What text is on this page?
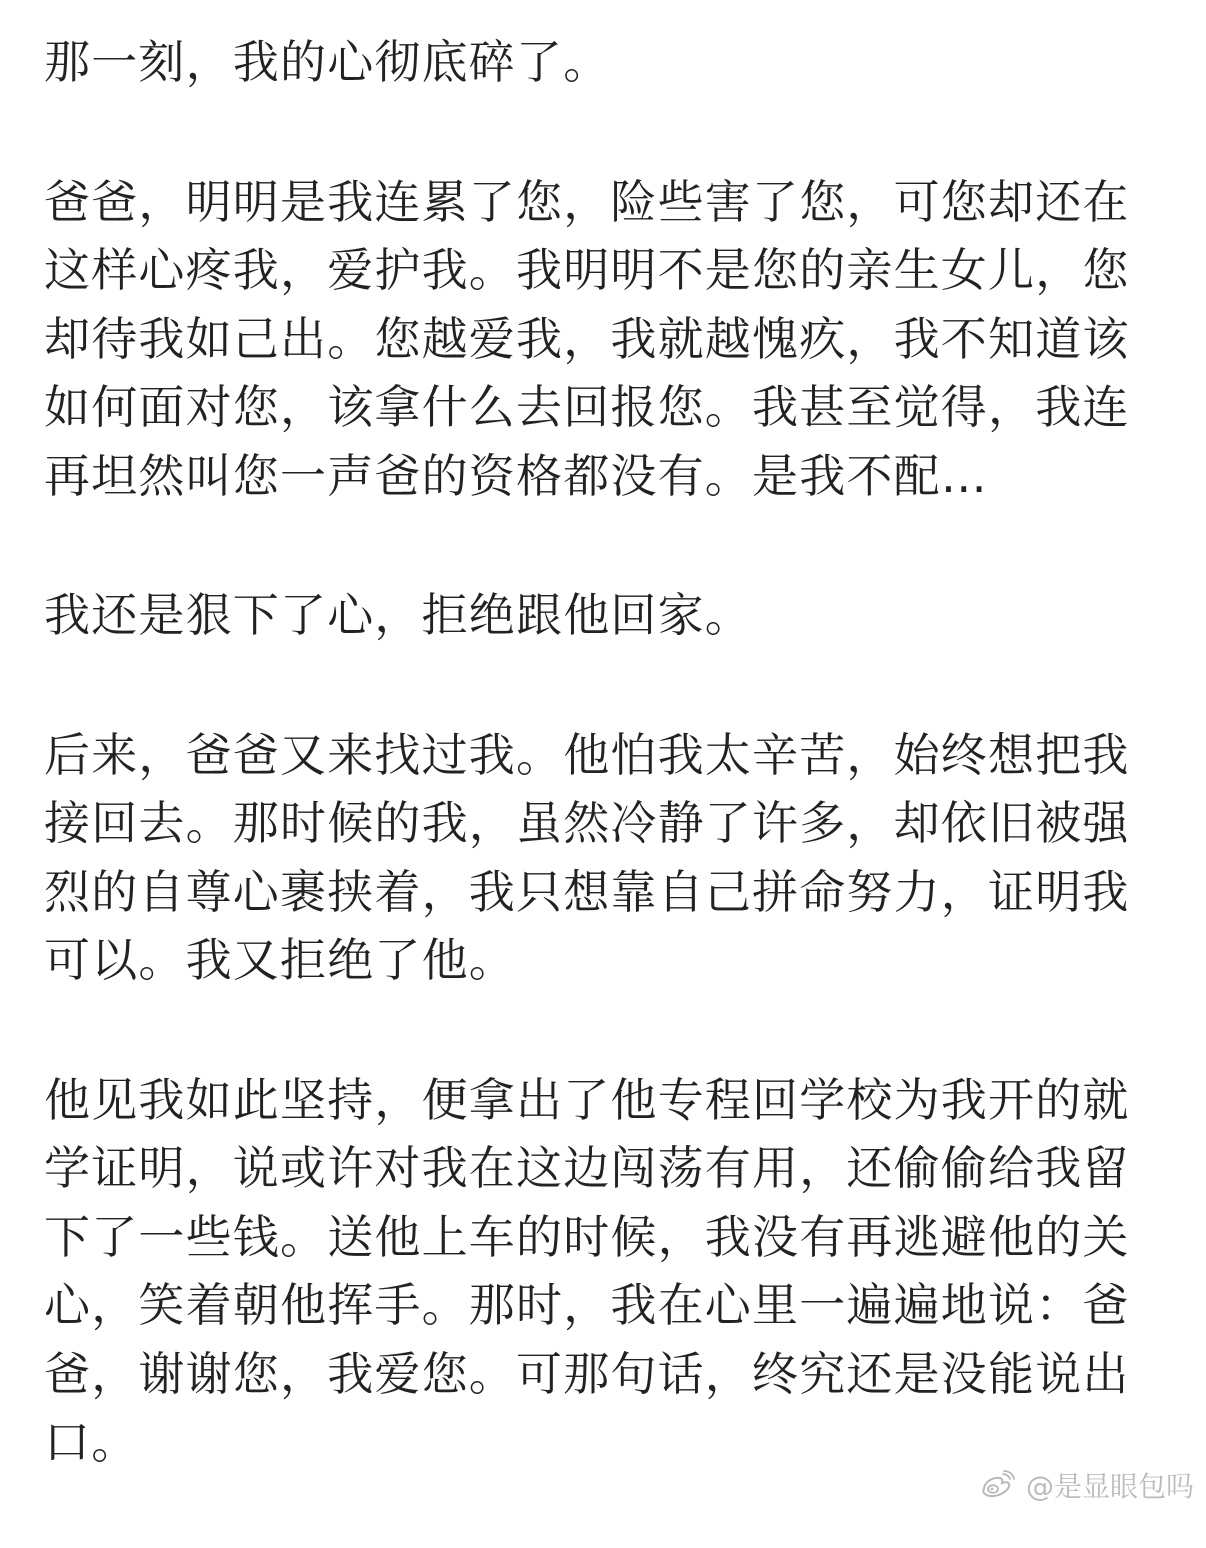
那一刻，我的心彻底碎了。

爸爸，明明是我连累了您，险些害了您，可您却还在
这样心疼我，爱护我。我明明不是您的亲生女儿，您
却待我如己出。您越爱我，我就越愧疚，我不知道该
如何面对您，该拿什么去回报您。我甚至觉得，我连
再坦然叫您一声爸的资格都没有。是我不配…

我还是狠下了心，拒绝跟他回家。

后来，爸爸又来找过我。他怕我太辛苦，始终想把我
接回去。那时候的我，虽然冷静了许多，却依旧被强
烈的自尊心裹挟着，我只想靠自己拼命努力，证明我
可以。我又拒绝了他。

他见我如此坚持，便拿出了他专程回学校为我开的就
学证明，说或许对我在这边闯荡有用，还偷偷给我留
下了一些钱。送他上车的时候，我没有再逃避他的关
心，笑着朝他挥手。那时，我在心里一遍遍地说：爸
爸，谢谢您，我爱您。可那句话，终究还是没能说出
口。

@是显眼包吗
